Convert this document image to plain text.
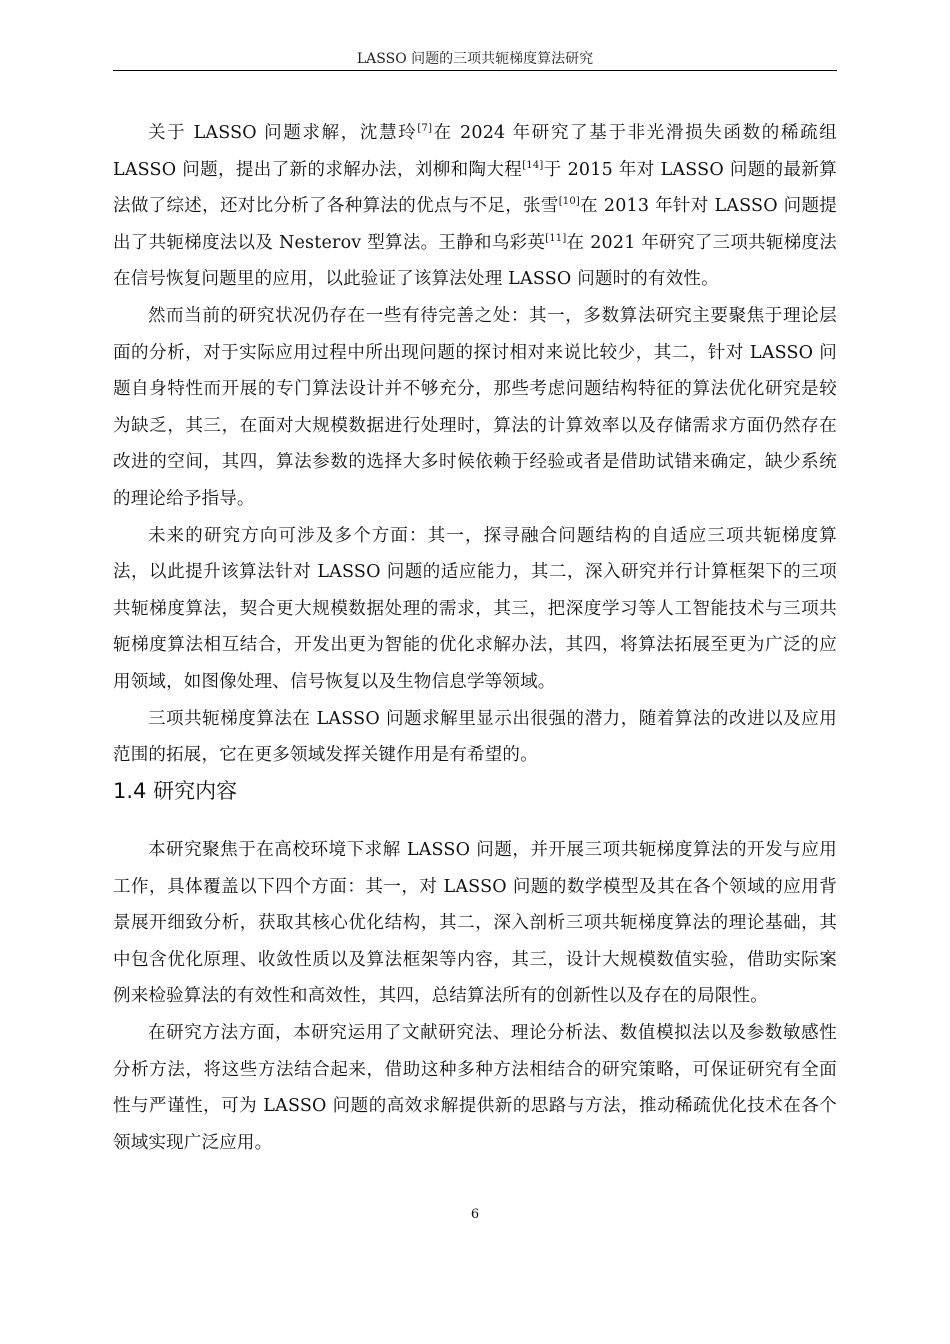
LASSO 问题的三项共轭梯度算法研究

关于 LASSO 问题求解，沈慧玲[7]在 2024 年研究了基于非光滑损失函数的稀疏组 LASSO 问题，提出了新的求解办法，刘柳和陶大程[14]于 2015 年对 LASSO 问题的最新算法做了综述，还对比分析了各种算法的优点与不足，张雪[10]在 2013 年针对 LASSO 问题提出了共轭梯度法以及 Nesterov 型算法。王静和乌彩英[11]在 2021 年研究了三项共轭梯度法在信号恢复问题里的应用，以此验证了该算法处理 LASSO 问题时的有效性。

然而当前的研究状况仍存在一些有待完善之处：其一，多数算法研究主要聚焦于理论层面的分析，对于实际应用过程中所出现问题的探讨相对来说比较少，其二，针对 LASSO 问题自身特性而开展的专门算法设计并不够充分，那些考虑问题结构特征的算法优化研究是较为缺乏，其三，在面对大规模数据进行处理时，算法的计算效率以及存储需求方面仍然存在改进的空间，其四，算法参数的选择大多时候依赖于经验或者是借助试错来确定，缺少系统的理论给予指导。

未来的研究方向可涉及多个方面：其一，探寻融合问题结构的自适应三项共轭梯度算法，以此提升该算法针对 LASSO 问题的适应能力，其二，深入研究并行计算框架下的三项共轭梯度算法，契合更大规模数据处理的需求，其三，把深度学习等人工智能技术与三项共轭梯度算法相互结合，开发出更为智能的优化求解办法，其四，将算法拓展至更为广泛的应用领域，如图像处理、信号恢复以及生物信息学等领域。

三项共轭梯度算法在 LASSO 问题求解里显示出很强的潜力，随着算法的改进以及应用范围的拓展，它在更多领域发挥关键作用是有希望的。

1.4 研究内容

本研究聚焦于在高校环境下求解 LASSO 问题，并开展三项共轭梯度算法的开发与应用工作，具体覆盖以下四个方面：其一，对 LASSO 问题的数学模型及其在各个领域的应用背景展开细致分析，获取其核心优化结构，其二，深入剖析三项共轭梯度算法的理论基础，其中包含优化原理、收敛性质以及算法框架等内容，其三，设计大规模数值实验，借助实际案例来检验算法的有效性和高效性，其四，总结算法所有的创新性以及存在的局限性。

在研究方法方面，本研究运用了文献研究法、理论分析法、数值模拟法以及参数敏感性分析方法，将这些方法结合起来，借助这种多种方法相结合的研究策略，可保证研究有全面性与严谨性，可为 LASSO 问题的高效求解提供新的思路与方法，推动稀疏优化技术在各个领域实现广泛应用。

6
